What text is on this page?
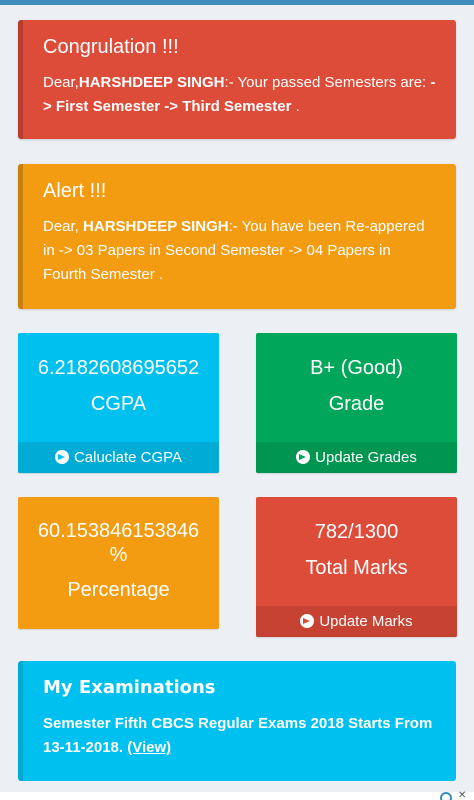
Congrulation !!!

Dear,HARSHDEEP SINGH:- Your passed Semesters are: -> First Semester -> Third Semester .

Alert !!!

Dear, HARSHDEEP SINGH:- You have been Re-appered in -> 03 Papers in Second Semester -> 04 Papers in Fourth Semester .

6.2182608695652
CGPA
Caluclate CGPA
B+ (Good)
Grade
Update Grades
60.153846153846 %
Percentage
782/1300
Total Marks
Update Marks
My Examinations

Semester Fifth CBCS Regular Exams 2018 Starts From 13-11-2018. (View)

✕
